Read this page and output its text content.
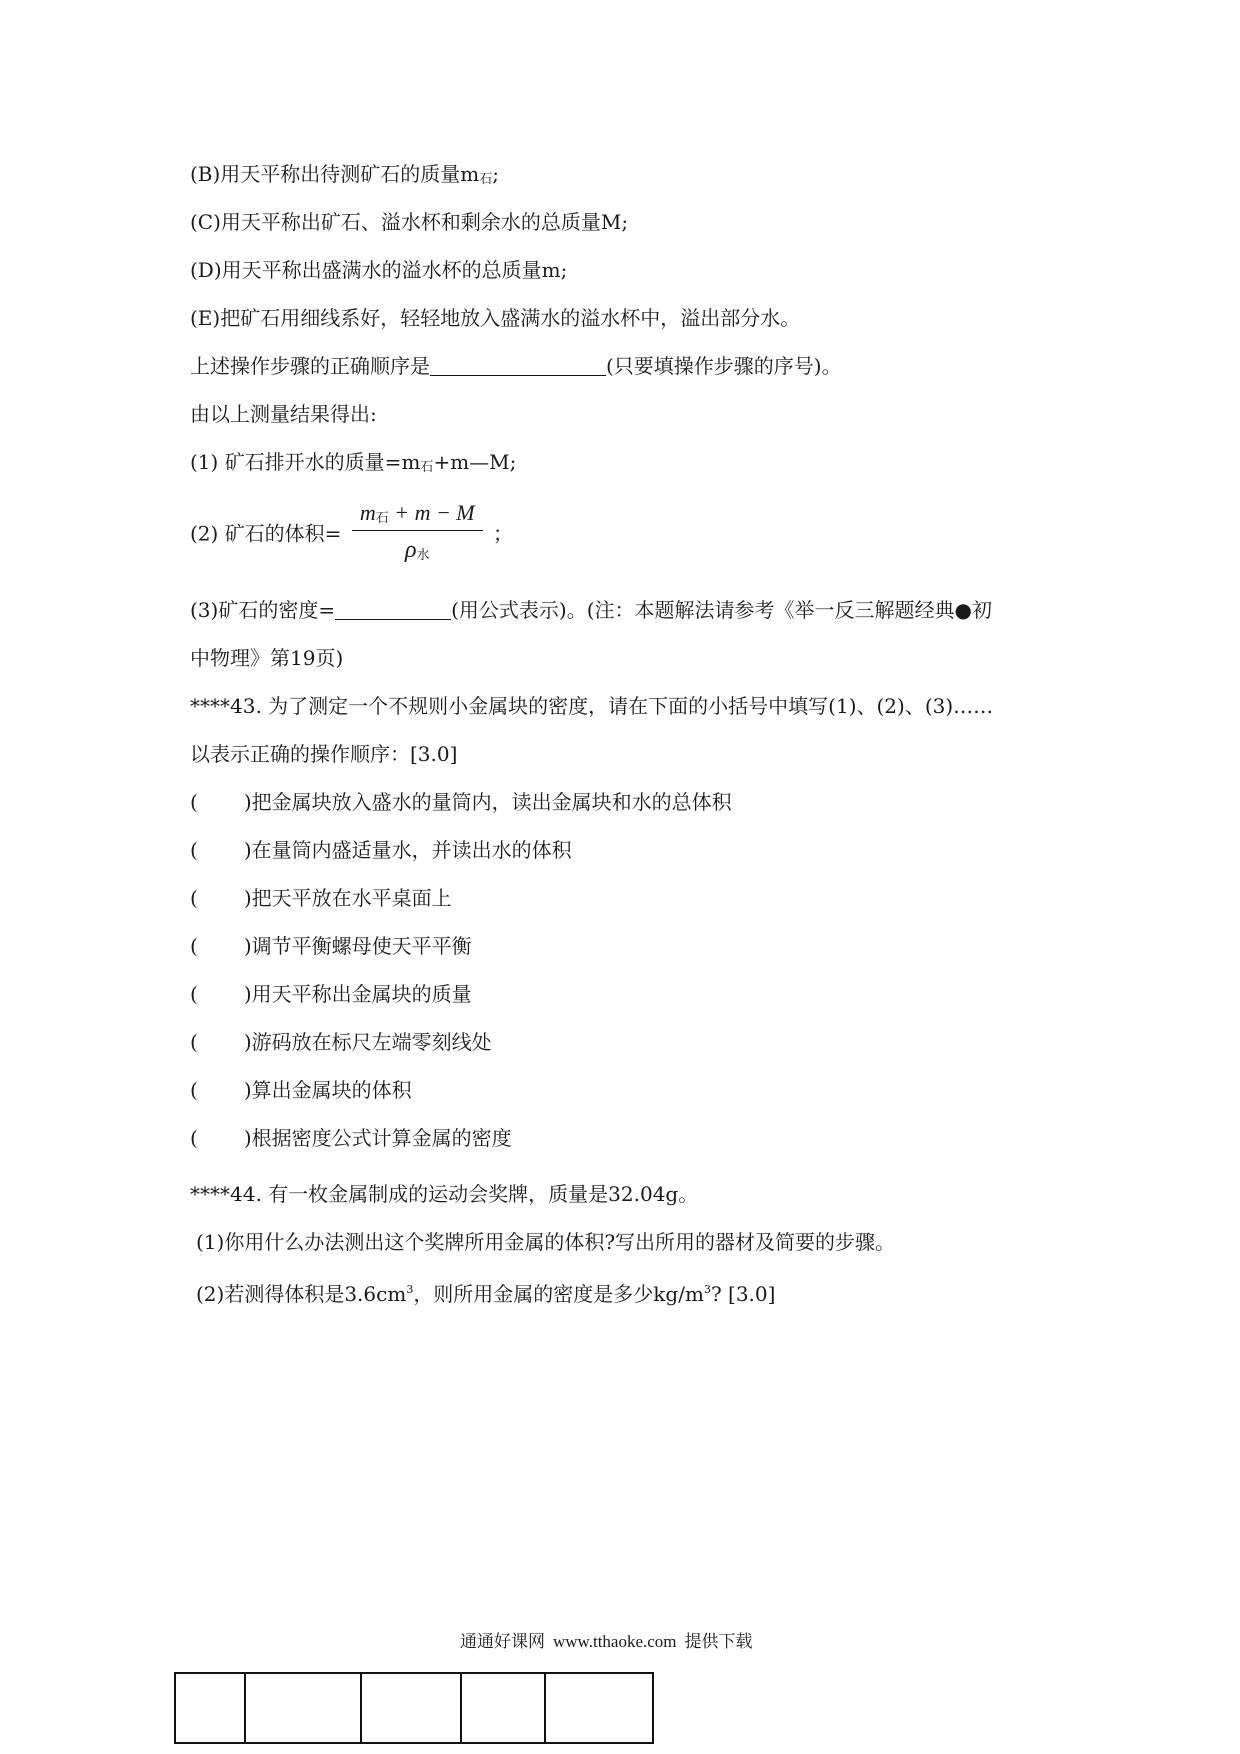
(B)用天平称出待测矿石的质量m石;
(C)用天平称出矿石、溢水杯和剩余水的总质量M;
(D)用天平称出盛满水的溢水杯的总质量m;
(E)把矿石用细线系好，轻轻地放入盛满水的溢水杯中，溢出部分水。
上述操作步骤的正确顺序是	(只要填操作步骤的序号)。
由以上测量结果得出:
(1) 矿石排开水的质量=m石+m—M;
(2) 矿石的体积= $\frac{\text{m石 + m − M}}{\text{ρ水}}$ ；
(3)矿石的密度=	(用公式表示)。(注：本题解法请参考《举一反三解题经典●初
中物理》第19页)
****43. 为了测定一个不规则小金属块的密度，请在下面的小括号中填写(1)、(2)、(3)……
以表示正确的操作顺序：[3.0]
( )把金属块放入盛水的量筒内，读出金属块和水的总体积
( )在量筒内盛适量水，并读出水的体积
( )把天平放在水平桌面上
( )调节平衡螺母使天平平衡
( )用天平称出金属块的质量
( )游码放在标尺左端零刻线处
( )算出金属块的体积
( )根据密度公式计算金属的密度
****44. 有一枚金属制成的运动会奖牌，质量是32.04g。
(1)你用什么办法测出这个奖牌所用金属的体积?写出所用的器材及简要的步骤。
(2)若测得体积是$3.6cm^3$，则所用金属的密度是多少$kg/m^3$? [3.0]
通通好课网 www.tthaoke.com 提供下载
